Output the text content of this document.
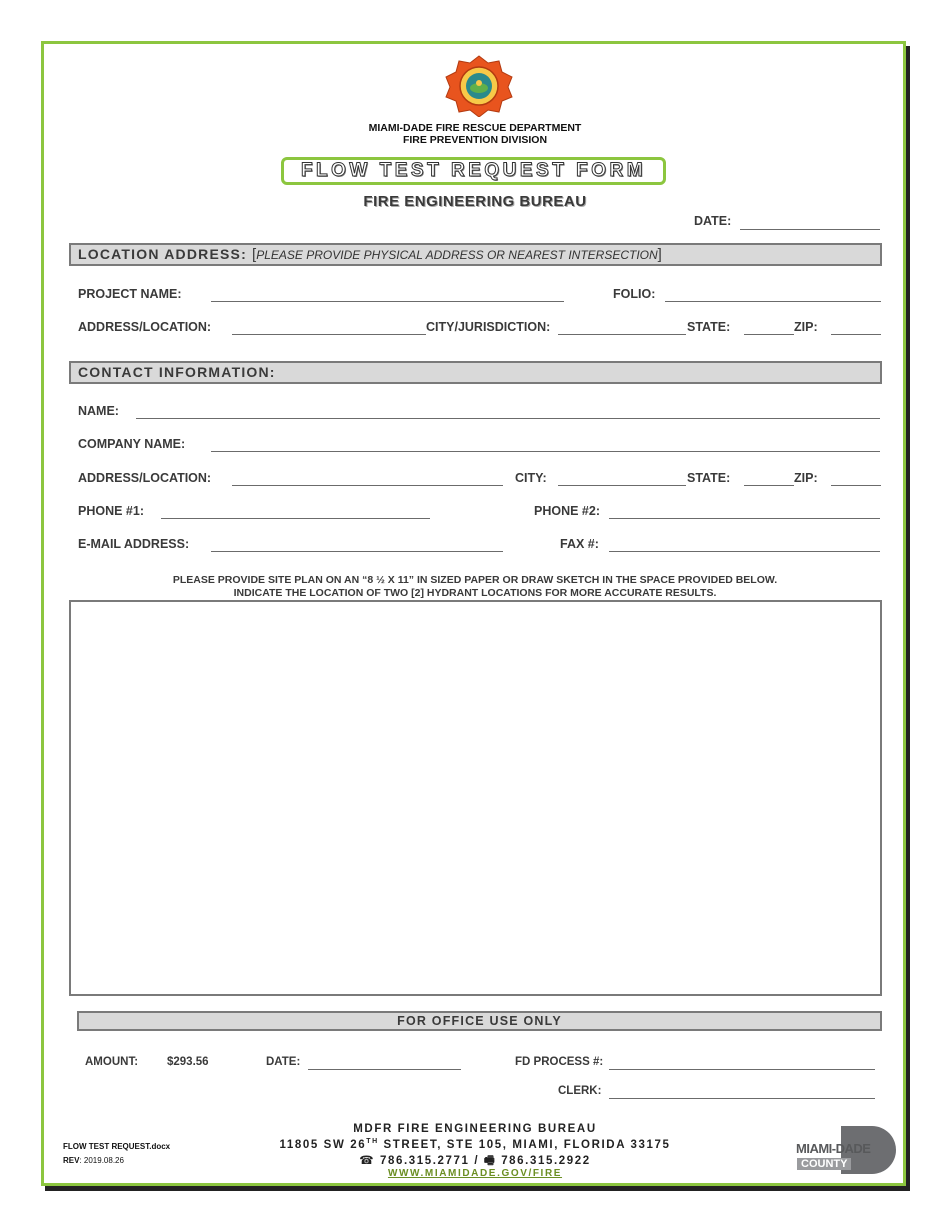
MIAMI-DADE FIRE RESCUE DEPARTMENT
FIRE PREVENTION DIVISION
FLOW TEST REQUEST FORM
FIRE ENGINEERING BUREAU
DATE:
LOCATION ADDRESS: [PLEASE PROVIDE PHYSICAL ADDRESS OR NEAREST INTERSECTION]
PROJECT NAME:	FOLIO:
ADDRESS/LOCATION:	CITY/JURISDICTION:	STATE:	ZIP:
CONTACT INFORMATION:
NAME:
COMPANY NAME:
ADDRESS/LOCATION:	CITY:	STATE:	ZIP:
PHONE #1:	PHONE #2:
E-MAIL ADDRESS:	FAX #:
PLEASE PROVIDE SITE PLAN ON AN “8 ½ X 11” IN SIZED PAPER OR DRAW SKETCH IN THE SPACE PROVIDED BELOW.
INDICATE THE LOCATION OF TWO [2] HYDRANT LOCATIONS FOR MORE ACCURATE RESULTS.
FOR OFFICE USE ONLY
AMOUNT:	$293.56	DATE:	FD PROCESS #:
CLERK:
MDFR FIRE ENGINEERING BUREAU
11805 SW 26TH STREET, STE 105, MIAMI, FLORIDA 33175
☎ 786.315.2771 / 🖷 786.315.2922
WWW.MIAMIDADE.GOV/FIRE
FLOW TEST REQUEST.docx
REV: 2019.08.26
MIAMI-DADE
COUNTY
